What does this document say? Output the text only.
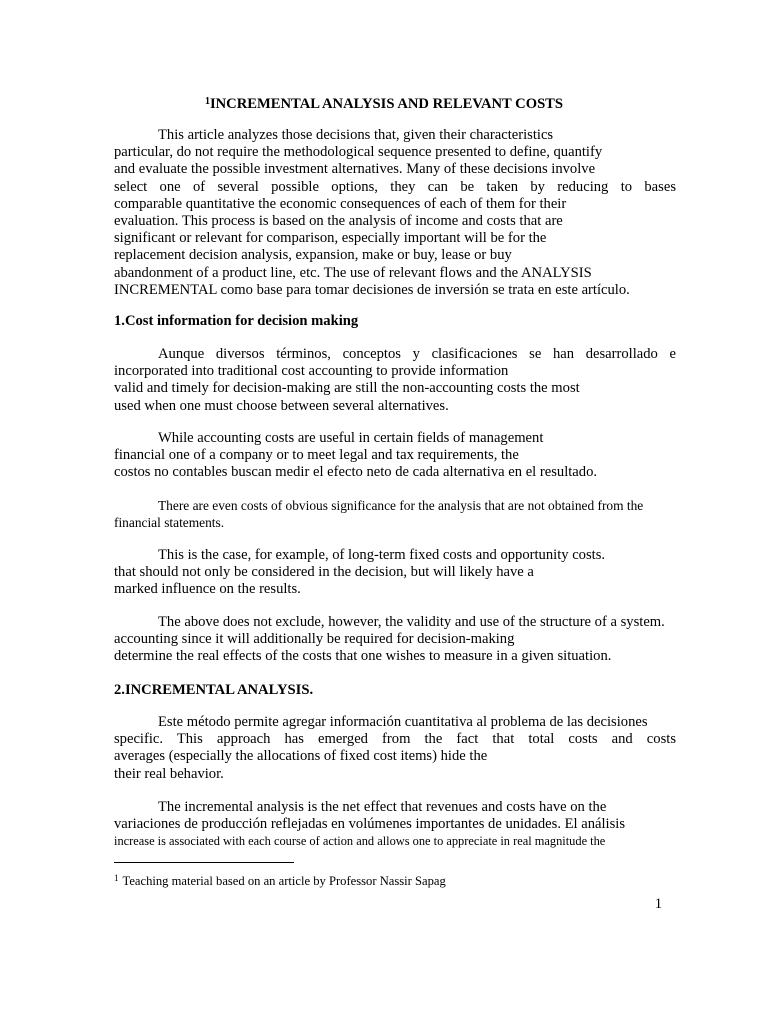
$^1$INCREMENTAL ANALYSIS AND RELEVANT COSTS
This article analyzes those decisions that, given their characteristics
particular, do not require the methodological sequence presented to define, quantify
and evaluate the possible investment alternatives. Many of these decisions involve
select one of several possible options, they can be taken by reducing to bases
comparable quantitative the economic consequences of each of them for their
evaluation. This process is based on the analysis of income and costs that are
significant or relevant for comparison, especially important will be for the
replacement decision analysis, expansion, make or buy, lease or buy
abandonment of a product line, etc. The use of relevant flows and the ANALYSIS
INCREMENTAL como base para tomar decisiones de inversión se trata en este artículo.
1.Cost information for decision making
Aunque diversos términos, conceptos y clasificaciones se han desarrollado e
incorporated into traditional cost accounting to provide information
valid and timely for decision-making are still the non-accounting costs the most
used when one must choose between several alternatives.
While accounting costs are useful in certain fields of management
financial one of a company or to meet legal and tax requirements, the
costos no contables buscan medir el efecto neto de cada alternativa en el resultado.
There are even costs of obvious significance for the analysis that are not obtained from the
financial statements.
This is the case, for example, of long-term fixed costs and opportunity costs.
that should not only be considered in the decision, but will likely have a
marked influence on the results.
The above does not exclude, however, the validity and use of the structure of a system.
accounting since it will additionally be required for decision-making
determine the real effects of the costs that one wishes to measure in a given situation.
2.INCREMENTAL ANALYSIS.
Este método permite agregar información cuantitativa al problema de las decisiones
specific. This approach has emerged from the fact that total costs and costs
averages (especially the allocations of fixed cost items) hide the
their real behavior.
The incremental analysis is the net effect that revenues and costs have on the
variaciones de producción reflejadas en volúmenes importantes de unidades. El análisis
increase is associated with each course of action and allows one to appreciate in real magnitude the
$^1$ Teaching material based on an article by Professor Nassir Sapag
1
